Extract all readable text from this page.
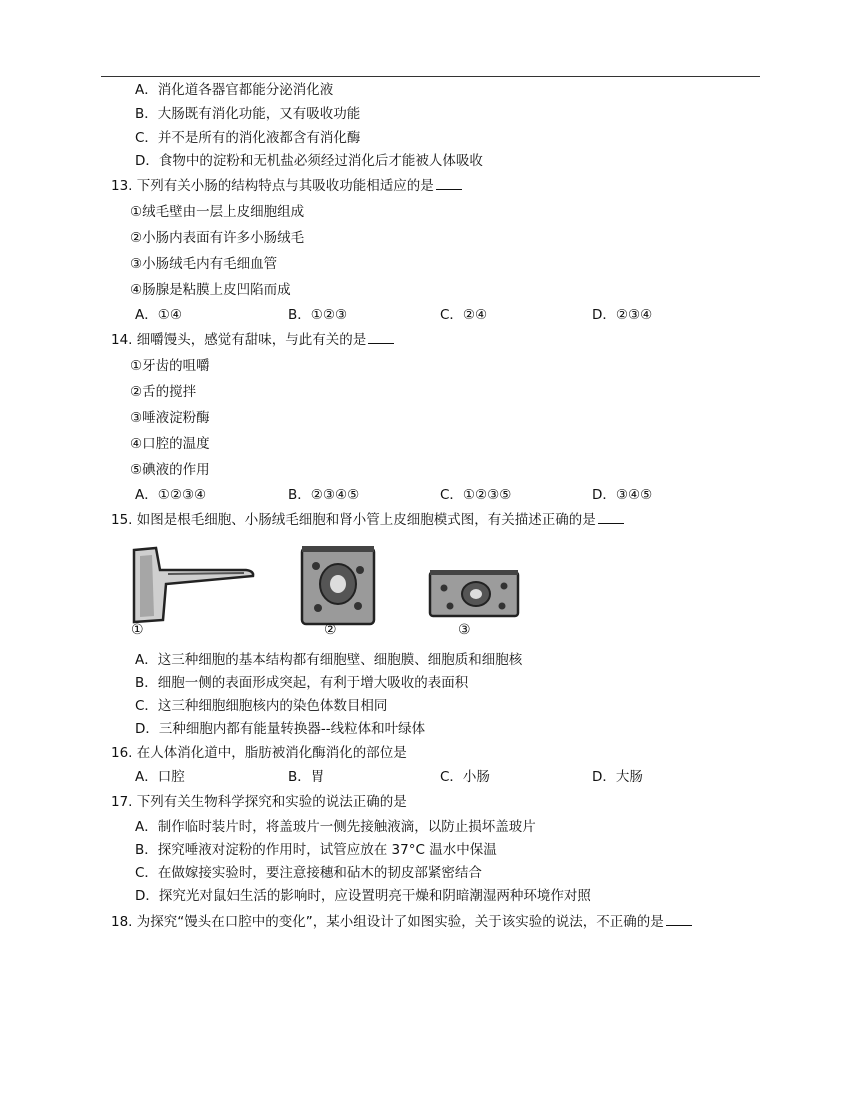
A．消化道各器官都能分泌消化液
B．大肠既有消化功能，又有吸收功能
C．并不是所有的消化液都含有消化酶
D．食物中的淀粉和无机盐必须经过消化后才能被人体吸收
13. 下列有关小肠的结构特点与其吸收功能相适应的是
①绒毛壁由一层上皮细胞组成
②小肠内表面有许多小肠绒毛
③小肠绒毛内有毛细血管
④肠腺是粘膜上皮凹陷而成
A．①④	B．①②③	C．②④	D．②③④
14. 细嚼馒头，感觉有甜味，与此有关的是
①牙齿的咀嚼
②舌的搅拌
③唾液淀粉酶
④口腔的温度
⑤碘液的作用
A．①②③④	B．②③④⑤	C．①②③⑤	D．③④⑤
15. 如图是根毛细胞、小肠绒毛细胞和肾小管上皮细胞模式图，有关描述正确的是
①	②	③
A．这三种细胞的基本结构都有细胞壁、细胞膜、细胞质和细胞核
B．细胞一侧的表面形成突起，有利于增大吸收的表面积
C．这三种细胞细胞核内的染色体数目相同
D．三种细胞内都有能量转换器--线粒体和叶绿体
16. 在人体消化道中，脂肪被消化酶消化的部位是
A．口腔	B．胃	C．小肠	D．大肠
17. 下列有关生物科学探究和实验的说法正确的是
A．制作临时装片时，将盖玻片一侧先接触液滴，以防止损坏盖玻片
B．探究唾液对淀粉的作用时，试管应放在 37°C 温水中保温
C．在做嫁接实验时，要注意接穗和砧木的韧皮部紧密结合
D．探究光对鼠妇生活的影响时，应设置明亮干燥和阴暗潮湿两种环境作对照
18. 为探究“馒头在口腔中的变化”，某小组设计了如图实验，关于该实验的说法，不正确的是
